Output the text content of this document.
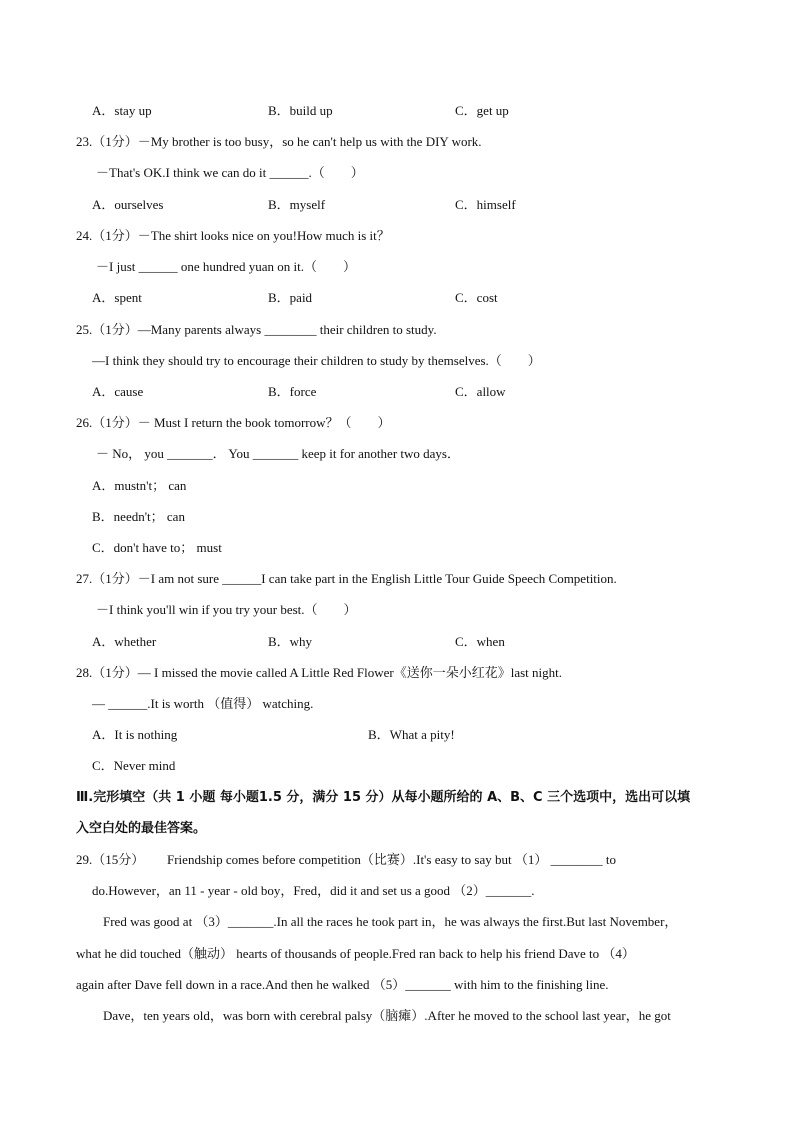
A．stay up	B．build up	C．get up
23.（1分）－My brother is too busy，so he can't help us with the DIY work.
－That's OK.I think we can do it ______.（　　）
A．ourselves	B．myself	C．himself
24.（1分）－The shirt looks nice on you!How much is it？
－I just ______ one hundred yuan on it.（　　）
A．spent	B．paid	C．cost
25.（1分）—Many parents always ________ their children to study.
—I think they should try to encourage their children to study by themselves.（　　）
A．cause	B．force	C．allow
26.（1分）－ Must I return the book tomorrow？（　　）
－ No， you _______． You _______ keep it for another two days．
A．mustn't； can
B．needn't； can
C．don't have to； must
27.（1分）－I am not sure ______I can take part in the English Little Tour Guide Speech Competition.
－I think you'll win if you try your best.（　　）
A．whether	B．why	C．when
28.（1分）— I missed the movie called A Little Red Flower《送你一朵小红花》last night.
— ______.It is worth （值得） watching.
A．It is nothing	B．What a pity!
C．Never mind
Ⅲ.完形填空（共 1 小题 每小题1.5 分，满分 15 分）从每小题所给的 A、B、C 三个选项中，选出可以填
入空白处的最佳答案。
29.（15分）　　 Friendship comes before competition（比赛）.It's easy to say but （1） ________ to
do.However，an 11 - year - old boy，Fred，did it and set us a good （2）_______.
Fred was good at （3）_______.In all the races he took part in，he was always the first.But last November，
what he did touched（触动） hearts of thousands of people.Fred ran back to help his friend Dave to （4）
again after Dave fell down in a race.And then he walked （5）_______ with him to the finishing line.
Dave，ten years old，was born with cerebral palsy（脑瘫）.After he moved to the school last year，he got
